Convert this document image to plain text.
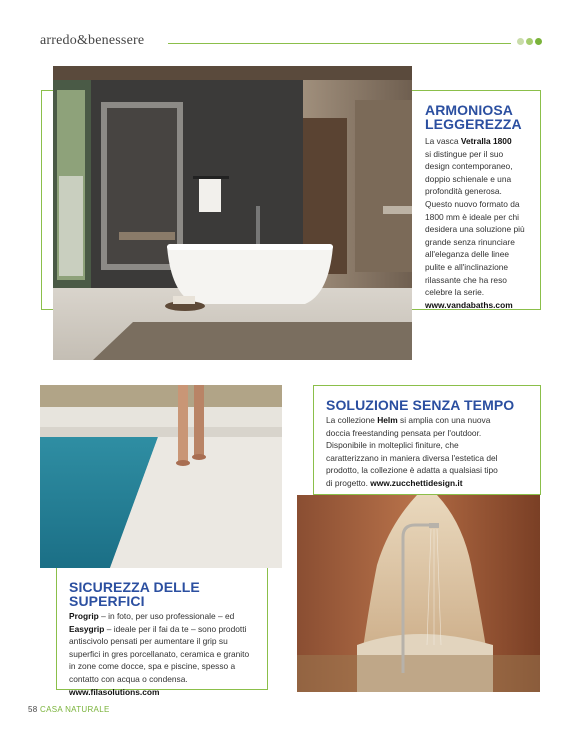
arredo&benessere
ARMONIOSA
LEGGEREZZA
La vasca Vetralla 1800
si distingue per il suo
design contemporaneo,
doppio schienale e una
profondità generosa.
Questo nuovo formato da
1800 mm è ideale per chi
desidera una soluzione più
grande senza rinunciare
all'eleganza delle linee
pulite e all'inclinazione
rilassante che ha reso
celebre la serie.
www.vandabaths.com
SOLUZIONE SENZA TEMPO
La collezione Helm si amplia con una nuova
doccia freestanding pensata per l'outdoor.
Disponibile in molteplici finiture, che
caratterizzano in maniera diversa l'estetica del
prodotto, la collezione è adatta a qualsiasi tipo
di progetto. www.zucchettidesign.it
SICUREZZA DELLE SUPERFICI
Progrip – in foto, per uso professionale – ed
Easygrip – ideale per il fai da te – sono prodotti
antiscivolo pensati per aumentare il grip su
superfici in gres porcellanato, ceramica e granito
in zone come docce, spa e piscine, spesso a
contatto con acqua o condensa.
www.filasolutions.com
58 CASA NATURALE
